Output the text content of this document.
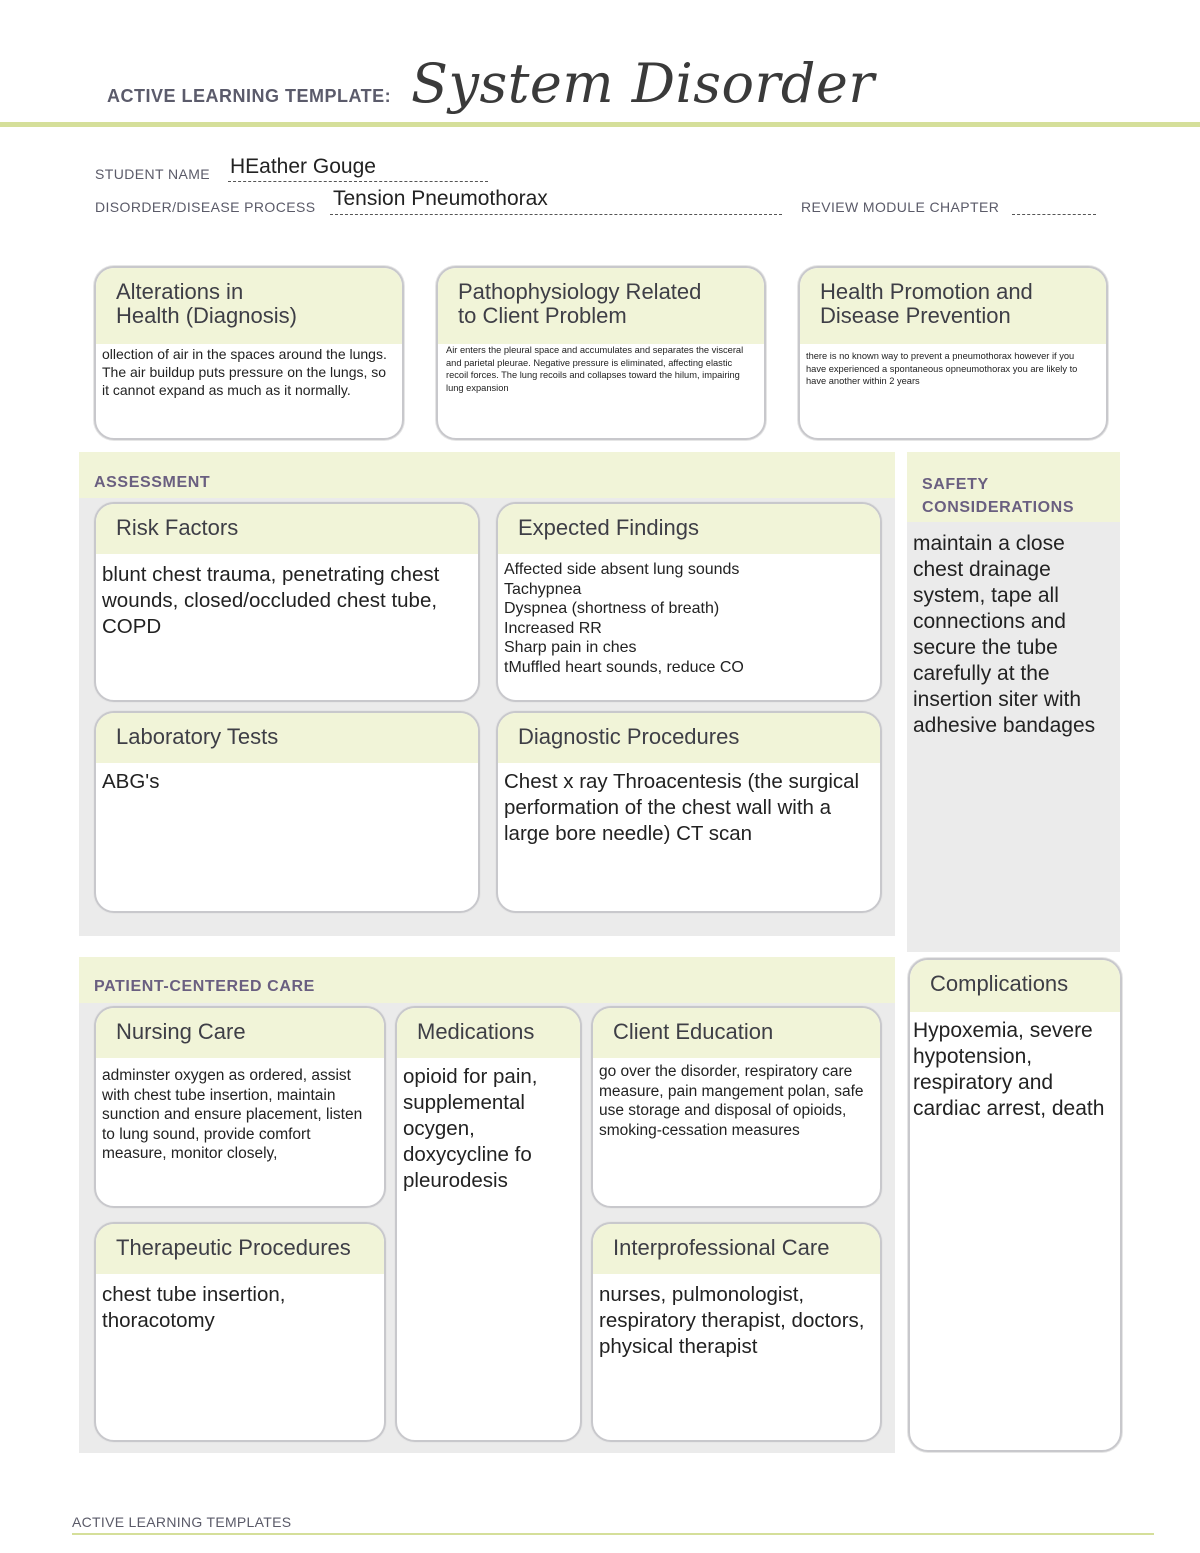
ACTIVE LEARNING TEMPLATE: System Disorder
STUDENT NAME HEather Gouge
DISORDER/DISEASE PROCESS Tension Pneumothorax	REVIEW MODULE CHAPTER
Alterations in
Health (Diagnosis)
ollection of air in the spaces around the lungs. The air buildup puts pressure on the lungs, so it cannot expand as much as it normally.
Pathophysiology Related
to Client Problem
Air enters the pleural space and accumulates and separates the visceral and parietal pleurae. Negative pressure is eliminated, affecting elastic recoil forces. The lung recoils and collapses toward the hilum, impairing lung expansion
Health Promotion and
Disease Prevention
there is no known way to prevent a pneumothorax however if you have experienced a spontaneous opneumothorax you are likely to have another within 2 years
ASSESSMENT
Risk Factors
blunt chest trauma, penetrating chest wounds, closed/occluded chest tube, COPD
Expected Findings
Affected side absent lung sounds
Tachypnea
Dyspnea (shortness of breath)
Increased RR
Sharp pain in ches
tMuffled heart sounds, reduce CO
Laboratory Tests
ABG's
Diagnostic Procedures
Chest x ray Throacentesis (the surgical performation of the chest wall with a large bore needle) CT scan
SAFETY
CONSIDERATIONS
maintain a close chest drainage system, tape all connections and secure the tube carefully at the insertion siter with adhesive bandages
PATIENT-CENTERED CARE
Nursing Care
adminster oxygen as ordered, assist with chest tube insertion, maintain sunction and ensure placement, listen to lung sound, provide comfort measure, monitor closely,
Medications
opioid for pain, supplemental ocygen, doxycycline fo pleurodesis
Client Education
go over the disorder, respiratory care measure, pain mangement polan, safe use storage and disposal of opioids, smoking-cessation measures
Therapeutic Procedures
chest tube insertion, thoracotomy
Interprofessional Care
nurses, pulmonologist, respiratory therapist, doctors, physical therapist
Complications
Hypoxemia, severe hypotension, respiratory and cardiac arrest, death
ACTIVE LEARNING TEMPLATES
